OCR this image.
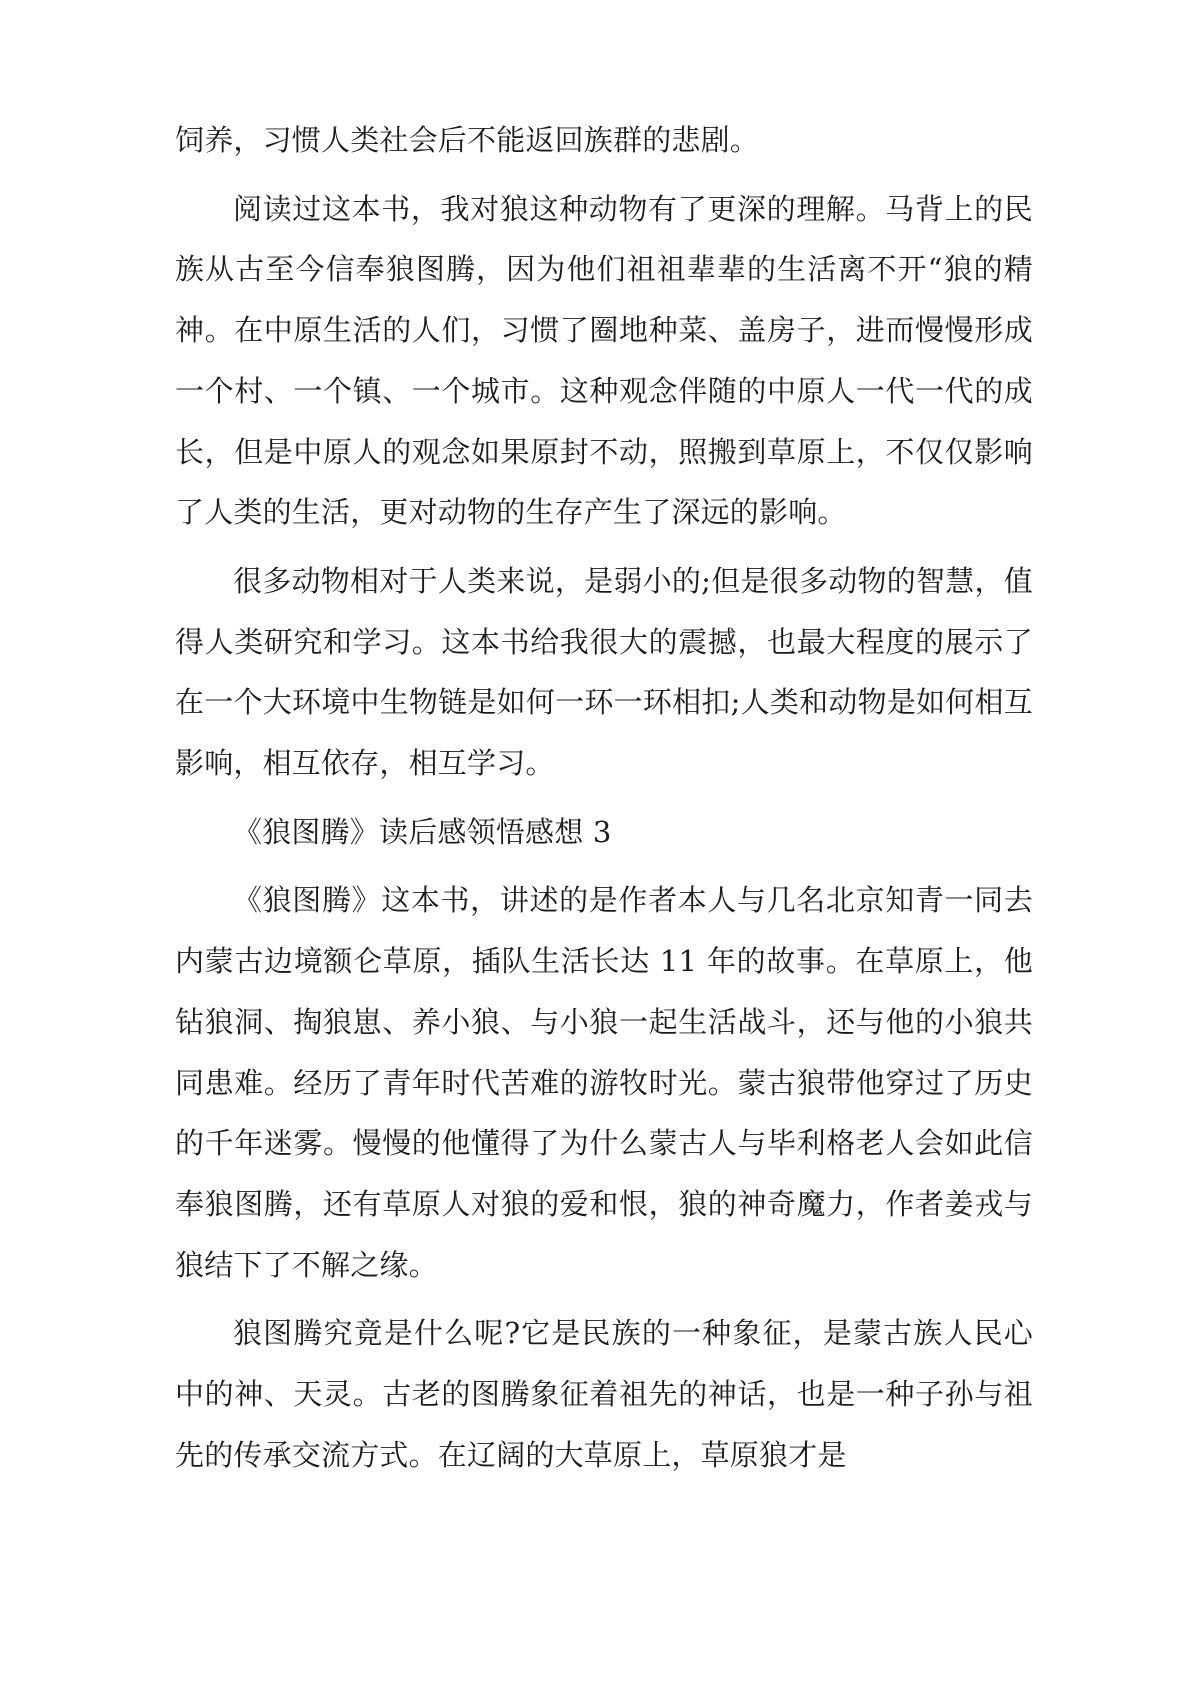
饲养，习惯人类社会后不能返回族群的悲剧。

阅读过这本书，我对狼这种动物有了更深的理解。马背上的民族从古至今信奉狼图腾，因为他们祖祖辈辈的生活离不开“狼的精神。在中原生活的人们，习惯了圈地种菜、盖房子，进而慢慢形成一个村、一个镇、一个城市。这种观念伴随的中原人一代一代的成长，但是中原人的观念如果原封不动，照搬到草原上，不仅仅影响了人类的生活，更对动物的生存产生了深远的影响。

很多动物相对于人类来说，是弱小的;但是很多动物的智慧，值得人类研究和学习。这本书给我很大的震撼，也最大程度的展示了在一个大环境中生物链是如何一环一环相扣;人类和动物是如何相互影响，相互依存，相互学习。

《狼图腾》读后感领悟感想 3

《狼图腾》这本书，讲述的是作者本人与几名北京知青一同去内蒙古边境额仑草原，插队生活长达 11 年的故事。在草原上，他钻狼洞、掏狼崽、养小狼、与小狼一起生活战斗，还与他的小狼共同患难。经历了青年时代苦难的游牧时光。蒙古狼带他穿过了历史的千年迷雾。慢慢的他懂得了为什么蒙古人与毕利格老人会如此信奉狼图腾，还有草原人对狼的爱和恨，狼的神奇魔力，作者姜戎与狼结下了不解之缘。

狼图腾究竟是什么呢?它是民族的一种象征，是蒙古族人民心中的神、天灵。古老的图腾象征着祖先的神话，也是一种子孙与祖先的传承交流方式。在辽阔的大草原上，草原狼才是
